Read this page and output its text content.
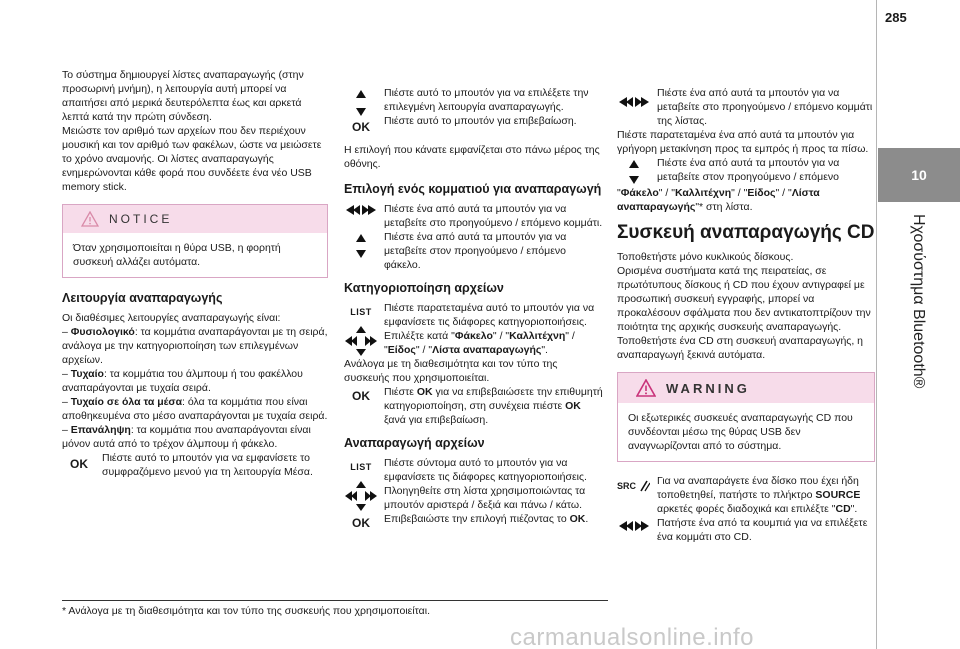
285
10
Ηχοσύστημα Bluetooth®

Το σύστημα δημιουργεί λίστες αναπαραγωγής (στην προσωρινή μνήμη), η λειτουργία αυτή μπορεί να απαιτήσει από μερικά δευτερόλεπτα έως και αρκετά λεπτά κατά την πρώτη σύνδεση.

Μειώστε τον αριθμό των αρχείων που δεν περιέχουν μουσική και τον αριθμό των φακέλων, ώστε να μειώσετε το χρόνο αναμονής. Οι λίστες αναπαραγωγής ενημερώνονται κάθε φορά που συνδέετε ένα νέο USB memory stick.

NOTICE
Όταν χρησιμοποιείται η θύρα USB, η φορητή συσκευή αλλάζει αυτόματα.
Λειτουργία αναπαραγωγής

Οι διαθέσιμες λειτουργίες αναπαραγωγής είναι:

– Φυσιολογικό: τα κομμάτια αναπαράγονται με τη σειρά, ανάλογα με την κατηγοριοποίηση των επιλεγμένων αρχείων.

– Τυχαίο: τα κομμάτια του άλμπουμ ή του φακέλλου αναπαράγονται με τυχαία σειρά.

– Τυχαίο σε όλα τα μέσα: όλα τα κομμάτια που είναι αποθηκευμένα στο μέσο αναπαράγονται με τυχαία σειρά.

– Επανάληψη: τα κομμάτια που αναπαράγονται είναι μόνον αυτά από το τρέχον άλμπουμ ή φάκελο.

OK Πιέστε αυτό το μπουτόν για να εμφανίσετε το συμφραζόμενο μενού για τη λειτουργία Μέσα.

OK

Πιέστε αυτό το μπουτόν για να επιλέξετε την επιλεγμένη λειτουργία αναπαραγωγής.

Πιέστε αυτό το μπουτόν για επιβεβαίωση.

Η επιλογή που κάνατε εμφανίζεται στο πάνω μέρος της οθόνης.

Επιλογή ενός κομματιού για αναπαραγωγή

Πιέστε ένα από αυτά τα μπουτόν για να μεταβείτε στο προηγούμενο / επόμενο κομμάτι.

Πιέστε ένα από αυτά τα μπουτόν για να μεταβείτε στον προηγούμενο / επόμενο φάκελο.

Κατηγοριοποίηση αρχείων
LIST Πιέστε παρατεταμένα αυτό το μπουτόν για να εμφανίσετε τις διάφορες κατηγοριοποιήσεις.

Επιλέξτε κατά "Φάκελο" / "Καλλιτέχνη" / "Είδος" / "Λίστα αναπαραγωγής".

Ανάλογα με τη διαθεσιμότητα και τον τύπο της συσκευής που χρησιμοποιείται.

OK Πιέστε OK για να επιβεβαιώσετε την επιθυμητή κατηγοριοποίηση, στη συνέχεια πιέστε OK ξανά για επιβεβαίωση.

Αναπαραγωγή αρχείων
LIST
OK

Πιέστε σύντομα αυτό το μπουτόν για να εμφανίσετε τις διάφορες κατηγοριοποιήσεις.

Πλοηγηθείτε στη λίστα χρησιμοποιώντας τα μπουτόν αριστερά / δεξιά και πάνω / κάτω.

Επιβεβαιώστε την επιλογή πιέζοντας το OK.

Πιέστε ένα από αυτά τα μπουτόν για να μεταβείτε στο προηγούμενο / επόμενο κομμάτι της λίστας.

Πιέστε παρατεταμένα ένα από αυτά τα μπουτόν για γρήγορη μετακίνηση προς τα εμπρός ή προς τα πίσω.

Πιέστε ένα από αυτά τα μπουτόν για να μεταβείτε στον προηγούμενο / επόμενο

"Φάκελο" / "Καλλιτέχνη" / "Είδος" / "Λίστα αναπαραγωγής"* στη λίστα.

Συσκευή αναπαραγωγής CD

Τοποθετήστε μόνο κυκλικούς δίσκους.

Ορισμένα συστήματα κατά της πειρατείας, σε πρωτότυπους δίσκους ή CD που έχουν αντιγραφεί με προσωπική συσκευή εγγραφής, μπορεί να προκαλέσουν σφάλματα που δεν αντικατοπτρίζουν την ποιότητα της αρχικής συσκευής αναπαραγωγής.

Τοποθετήστε ένα CD στη συσκευή αναπαραγωγής, η αναπαραγωγή ξεκινά αυτόματα.

WARNING
Οι εξωτερικές συσκευές αναπαραγωγής CD που συνδέονται μέσω της θύρας USB δεν αναγνωρίζονται από το σύστημα.
SRC Για να αναπαράγετε ένα δίσκο που έχει ήδη τοποθετηθεί, πατήστε το πλήκτρο SOURCE αρκετές φορές διαδοχικά και επιλέξτε "CD".

Πατήστε ένα από τα κουμπιά για να επιλέξετε ένα κομμάτι στο CD.

* Ανάλογα με τη διαθεσιμότητα και τον τύπο της συσκευής που χρησιμοποιείται.
carmanualsonline.info
